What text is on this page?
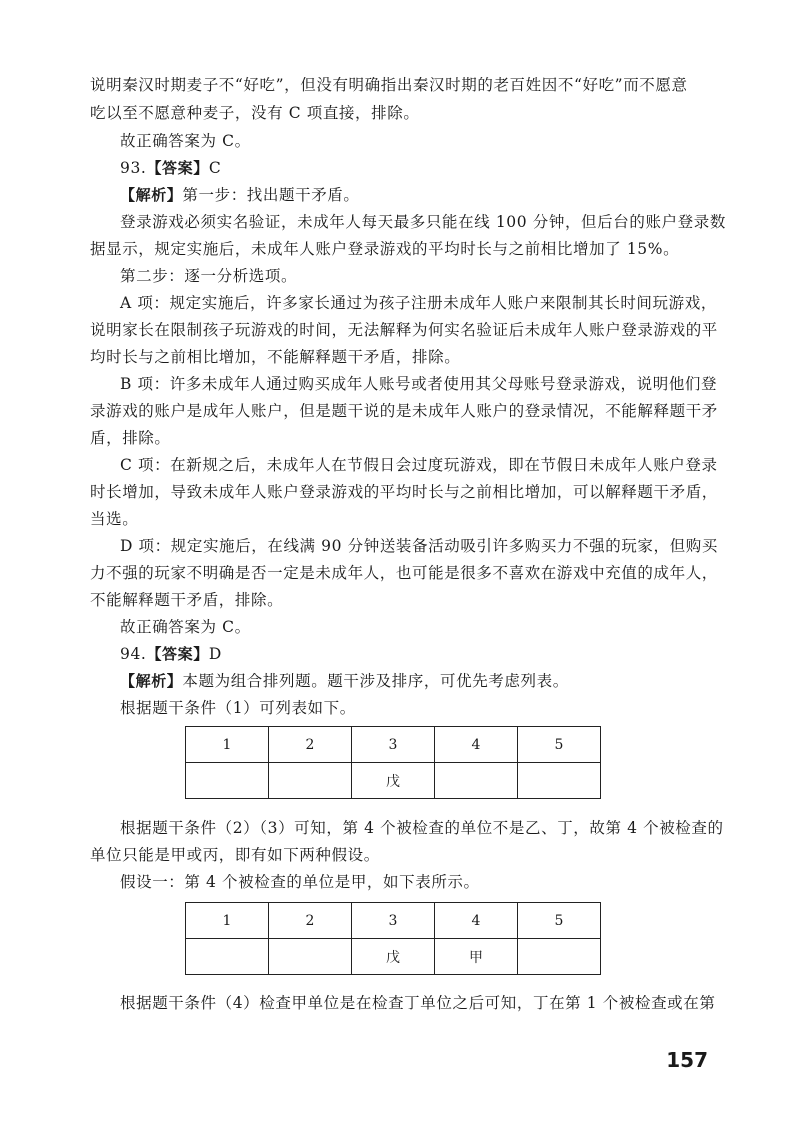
说明秦汉时期麦子不“好吃”，但没有明确指出秦汉时期的老百姓因不“好吃”而不愿意
吃以至不愿意种麦子，没有 C 项直接，排除。
故正确答案为 C。
93.【答案】C
【解析】第一步：找出题干矛盾。
登录游戏必须实名验证，未成年人每天最多只能在线 100 分钟，但后台的账户登录数
据显示，规定实施后，未成年人账户登录游戏的平均时长与之前相比增加了 15%。
第二步：逐一分析选项。
A 项：规定实施后，许多家长通过为孩子注册未成年人账户来限制其长时间玩游戏，
说明家长在限制孩子玩游戏的时间，无法解释为何实名验证后未成年人账户登录游戏的平
均时长与之前相比增加，不能解释题干矛盾，排除。
B 项：许多未成年人通过购买成年人账号或者使用其父母账号登录游戏，说明他们登
录游戏的账户是成年人账户，但是题干说的是未成年人账户的登录情况，不能解释题干矛
盾，排除。
C 项：在新规之后，未成年人在节假日会过度玩游戏，即在节假日未成年人账户登录
时长增加，导致未成年人账户登录游戏的平均时长与之前相比增加，可以解释题干矛盾，
当选。
D 项：规定实施后，在线满 90 分钟送装备活动吸引许多购买力不强的玩家，但购买
力不强的玩家不明确是否一定是未成年人，也可能是很多不喜欢在游戏中充值的成年人，
不能解释题干矛盾，排除。
故正确答案为 C。
94.【答案】D
【解析】本题为组合排列题。题干涉及排序，可优先考虑列表。
根据题干条件（1）可列表如下。
1	2	3	4	5
		戊		
根据题干条件（2）（3）可知，第 4 个被检查的单位不是乙、丁，故第 4 个被检查的
单位只能是甲或丙，即有如下两种假设。
假设一：第 4 个被检查的单位是甲，如下表所示。
1	2	3	4	5
		戊	甲	
根据题干条件（4）检查甲单位是在检查丁单位之后可知，丁在第 1 个被检查或在第
157
